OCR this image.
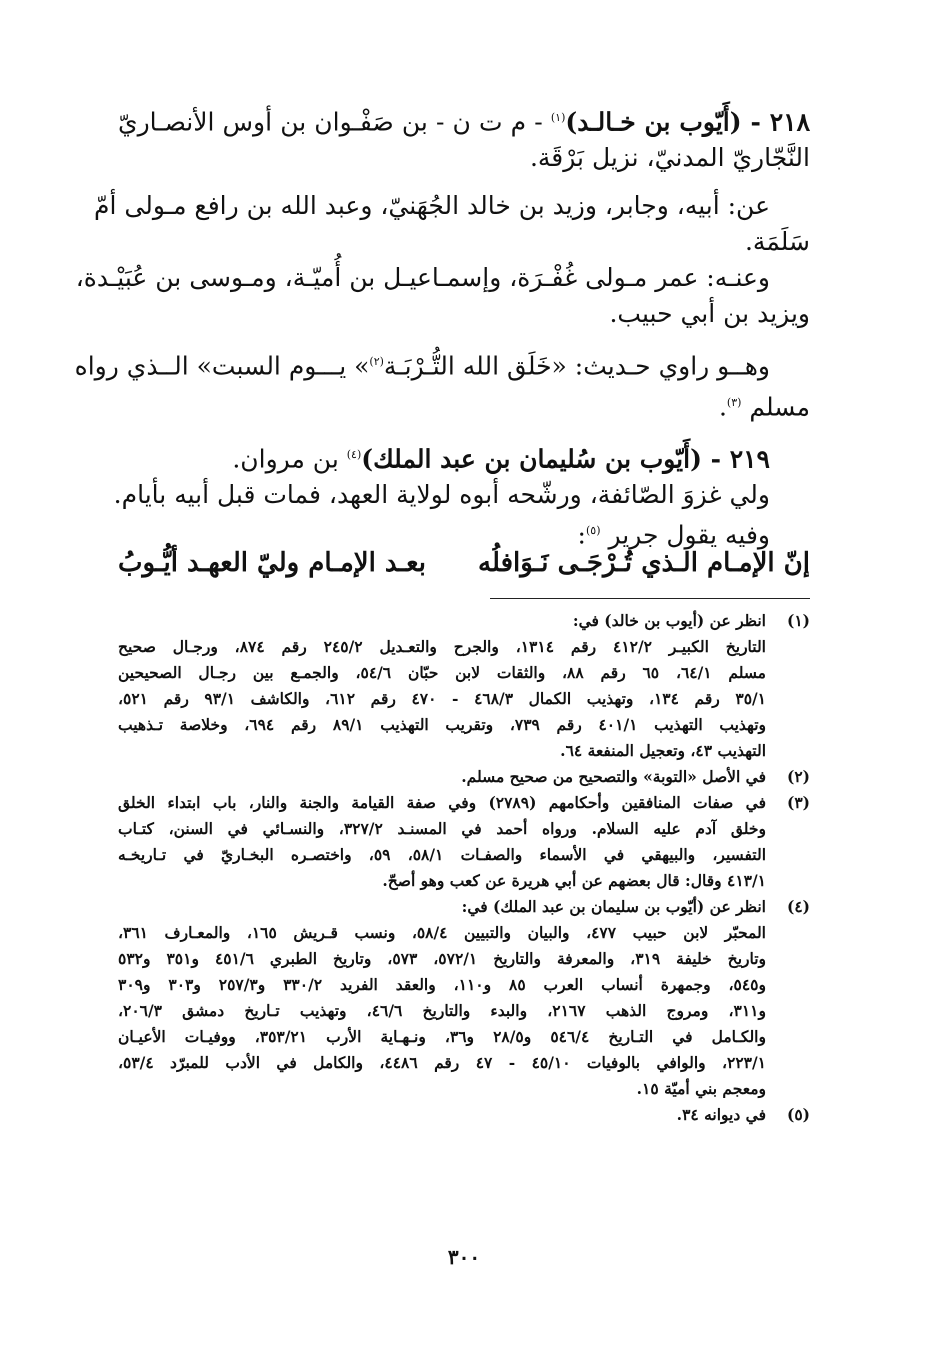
٢١٨ - (أَيّوب بن خـالـد)$^{(١)}$ - م ت ن - بن صَفْـوان بن أوس الأنصـاريّ
النَّجّاريّ المدنيّ، نزيل بَرْقَة.
عن: أبيه، وجابر، وزيد بن خالد الجُهَنيّ، وعبد الله بن رافع مـولى أمّ
سَلَمَة.
وعنـه: عمر مـولى غُفْـرَة، وإسمـاعيـل بن أُميّـة، ومـوسى بن عُبَيْـدة،
ويزيد بن أبي حبيب.
وهــو راوي حـديث: «خَلَق الله التُّـرْبَـة$^{(٢)}$» يـــوم السبت» الــذي رواه
مسلم $^{(٣)}$.
٢١٩ - (أَيّوب بن سُليمان بن عبد الملك)$^{(٤)}$ بن مروان.
ولي غزوَ الصّائفة، ورشّحه أبوه لولاية العهد، فمات قبل أبيه بأيام.
وفيه يقول جرير $^{(٥)}$:
إنّ الإمـام الـذي تُـرْجَـى نَـوَافلُه
بعـد الإمـام وليّ العهـد أيُّـوبُ
(١)
انظر عن (أيوب بن خالد) في:
التاريخ الكبيـر ٤١٢/٢ رقم ١٣١٤، والجرح والتعـديل ٢٤٥/٢ رقم ٨٧٤، ورجـال صحيح
مسلم ٦٤/١، ٦٥ رقم ٨٨، والثقات لابن حبّان ٥٤/٦، والجمـع بين رجـال الصحيحين
٣٥/١ رقم ١٣٤، وتهذيب الكمال ٤٦٨/٣ - ٤٧٠ رقم ٦١٢، والكاشف ٩٣/١ رقم ٥٢١،
وتهذيب التهذيب ٤٠١/١ رقم ٧٣٩، وتقريب التهذيب ٨٩/١ رقم ٦٩٤، وخلاصة تـذهيب
التهذيب ٤٣، وتعجيل المنفعة ٦٤.
(٢)
في الأصل «التوبة» والتصحيح من صحيح مسلم.
(٣)
في صفات المنافقين وأحكامهم (٢٧٨٩) وفي صفة القيامة والجنة والنار، باب ابتداء الخلق
وخلق آدم عليه السلام. ورواه أحمد في المسنـد ٣٢٧/٢، والنسـائي في السنن، كتـاب
التفسير، والبيهقي في الأسماء والصفـات ٥٨/١، ٥٩، واختصـره البخـاريّ في تـاريخـه
٤١٣/١ وقال: قال بعضهم عن أبي هريرة عن كعب وهو أصحّ.
(٤)
انظر عن (أيّوب بن سليمان بن عبد الملك) في:
المحبّر لابن حبيب ٤٧٧، والبيان والتبيين ٥٨/٤، ونسب قـريش ١٦٥، والمعـارف ٣٦١،
وتاريخ خليفة ٣١٩، والمعرفة والتاريخ ٥٧٢/١، ٥٧٣، وتاريخ الطبري ٤٥١/٦ و٣٥١ و٥٣٢
و٥٤٥، وجمهرة أنساب العرب ٨٥ و١١٠، والعقد الفريد ٣٣٠/٢ و٢٥٧/٣ و٣٠٣ و٣٠٩
و٣١١، ومروج الذهب ٢١٦٧، والبدء والتاريخ ٤٦/٦، وتهذيب تـاريخ دمشق ٢٠٦/٣،
والكـامل في التـاريخ ٥٤٦/٤ و٢٨/٥ و٣٦، ونـهـاية الأرب ٣٥٣/٢١، ووفيـات الأعيـان
٢٢٣/١، والوافي بالوفيات ٤٥/١٠ - ٤٧ رقم ٤٤٨٦، والكامل في الأدب للمبرّد ٥٣/٤،
ومعجم بني أميّة ١٥.
(٥)
في ديوانه ٣٤.
٣٠٠
